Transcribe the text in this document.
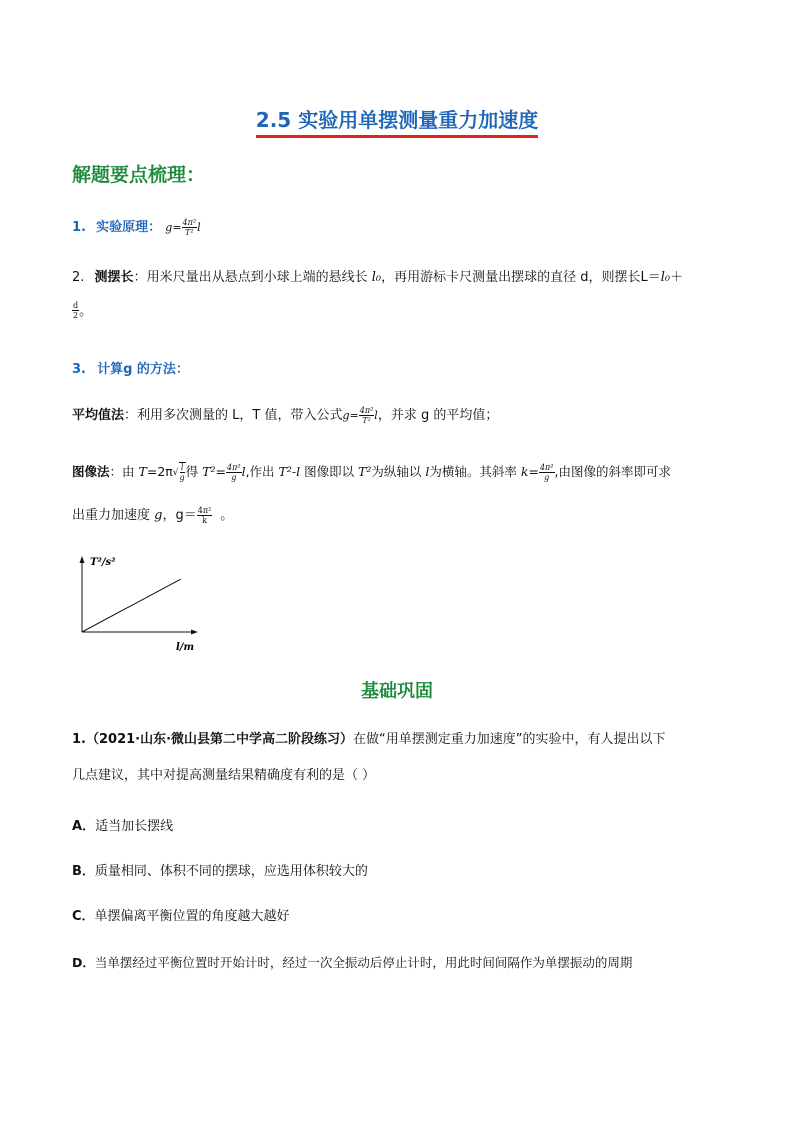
2.5 实验用单摆测量重力加速度
解题要点梳理：
1. 实验原理： $g= \frac{\text{4π²}}{\text{T²}}$ l
2. 测摆长：用米尺量出从悬点到小球上端的悬线长 l₀，再用游标卡尺测量出摆球的直径 d，则摆长L＝l₀＋
$\frac{d}{2}$ 。
3. 计算g 的方法：
平均值法：利用多次测量的 L，T 值，带入公式$g= \frac{\text{4π²}}{\text{T²}}$ l，并求 g 的平均值；
图像法：由 $T=2\pi√ \frac{l}{g}$ 得 $T^2= \frac{\text{4π²}}{g} l$,作出 T²-l 图像即以 T²为纵轴以 l为横轴。其斜率 $k= \frac{\text{4π²}}{g}$ ,由图像的斜率即可求
出重力加速度 g，$g= \frac{\text{4π²}}{k}$ 。
T²/s²
l/m
基础巩固
1.（2021·山东·微山县第二中学高二阶段练习）在做“用单摆测定重力加速度”的实验中，有人提出以下
几点建议，其中对提高测量结果精确度有利的是（ ）
A．适当加长摆线
B．质量相同、体积不同的摆球，应选用体积较大的
C．单摆偏离平衡位置的角度越大越好
D．当单摆经过平衡位置时开始计时，经过一次全振动后停止计时，用此时间间隔作为单摆振动的周期
